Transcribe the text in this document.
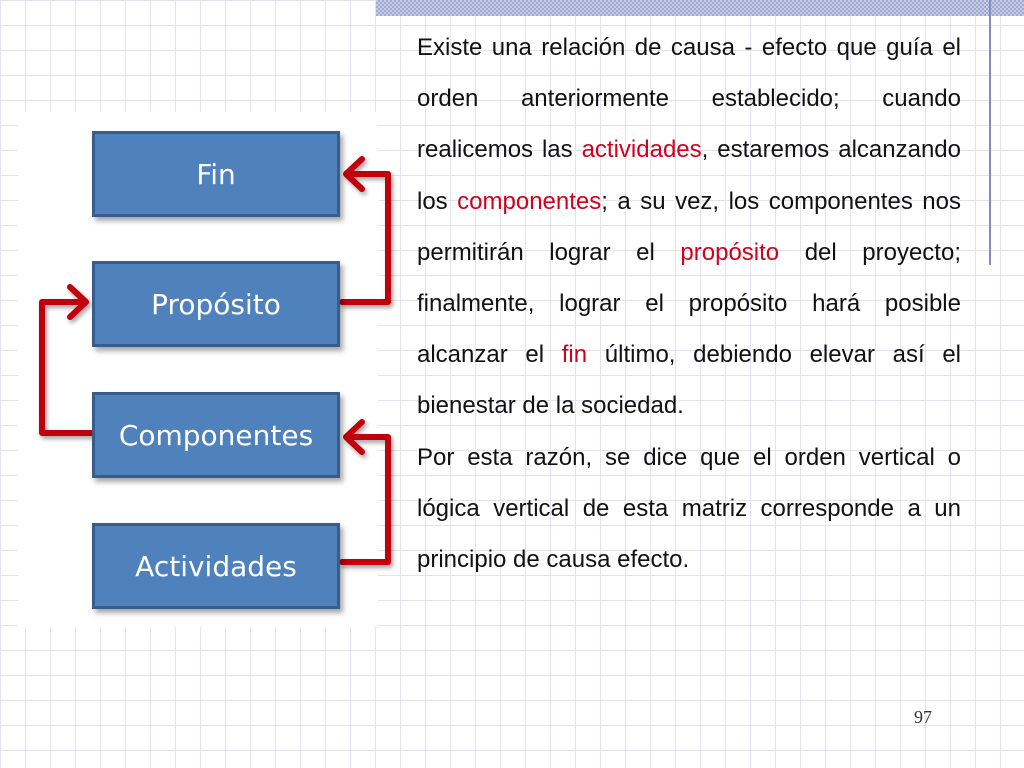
Fin
Propósito
Componentes
Actividades

Existe una relación de causa - efecto que guía el orden anteriormente establecido; cuando realicemos las actividades, estaremos alcanzando los componentes; a su vez, los componentes nos permitirán lograr el propósito del proyecto; finalmente, lograr el propósito hará posible alcanzar el fin último, debiendo elevar así el bienestar de la sociedad.

Por esta razón, se dice que el orden vertical o lógica vertical de esta matriz corresponde a un principio de causa efecto.

97
